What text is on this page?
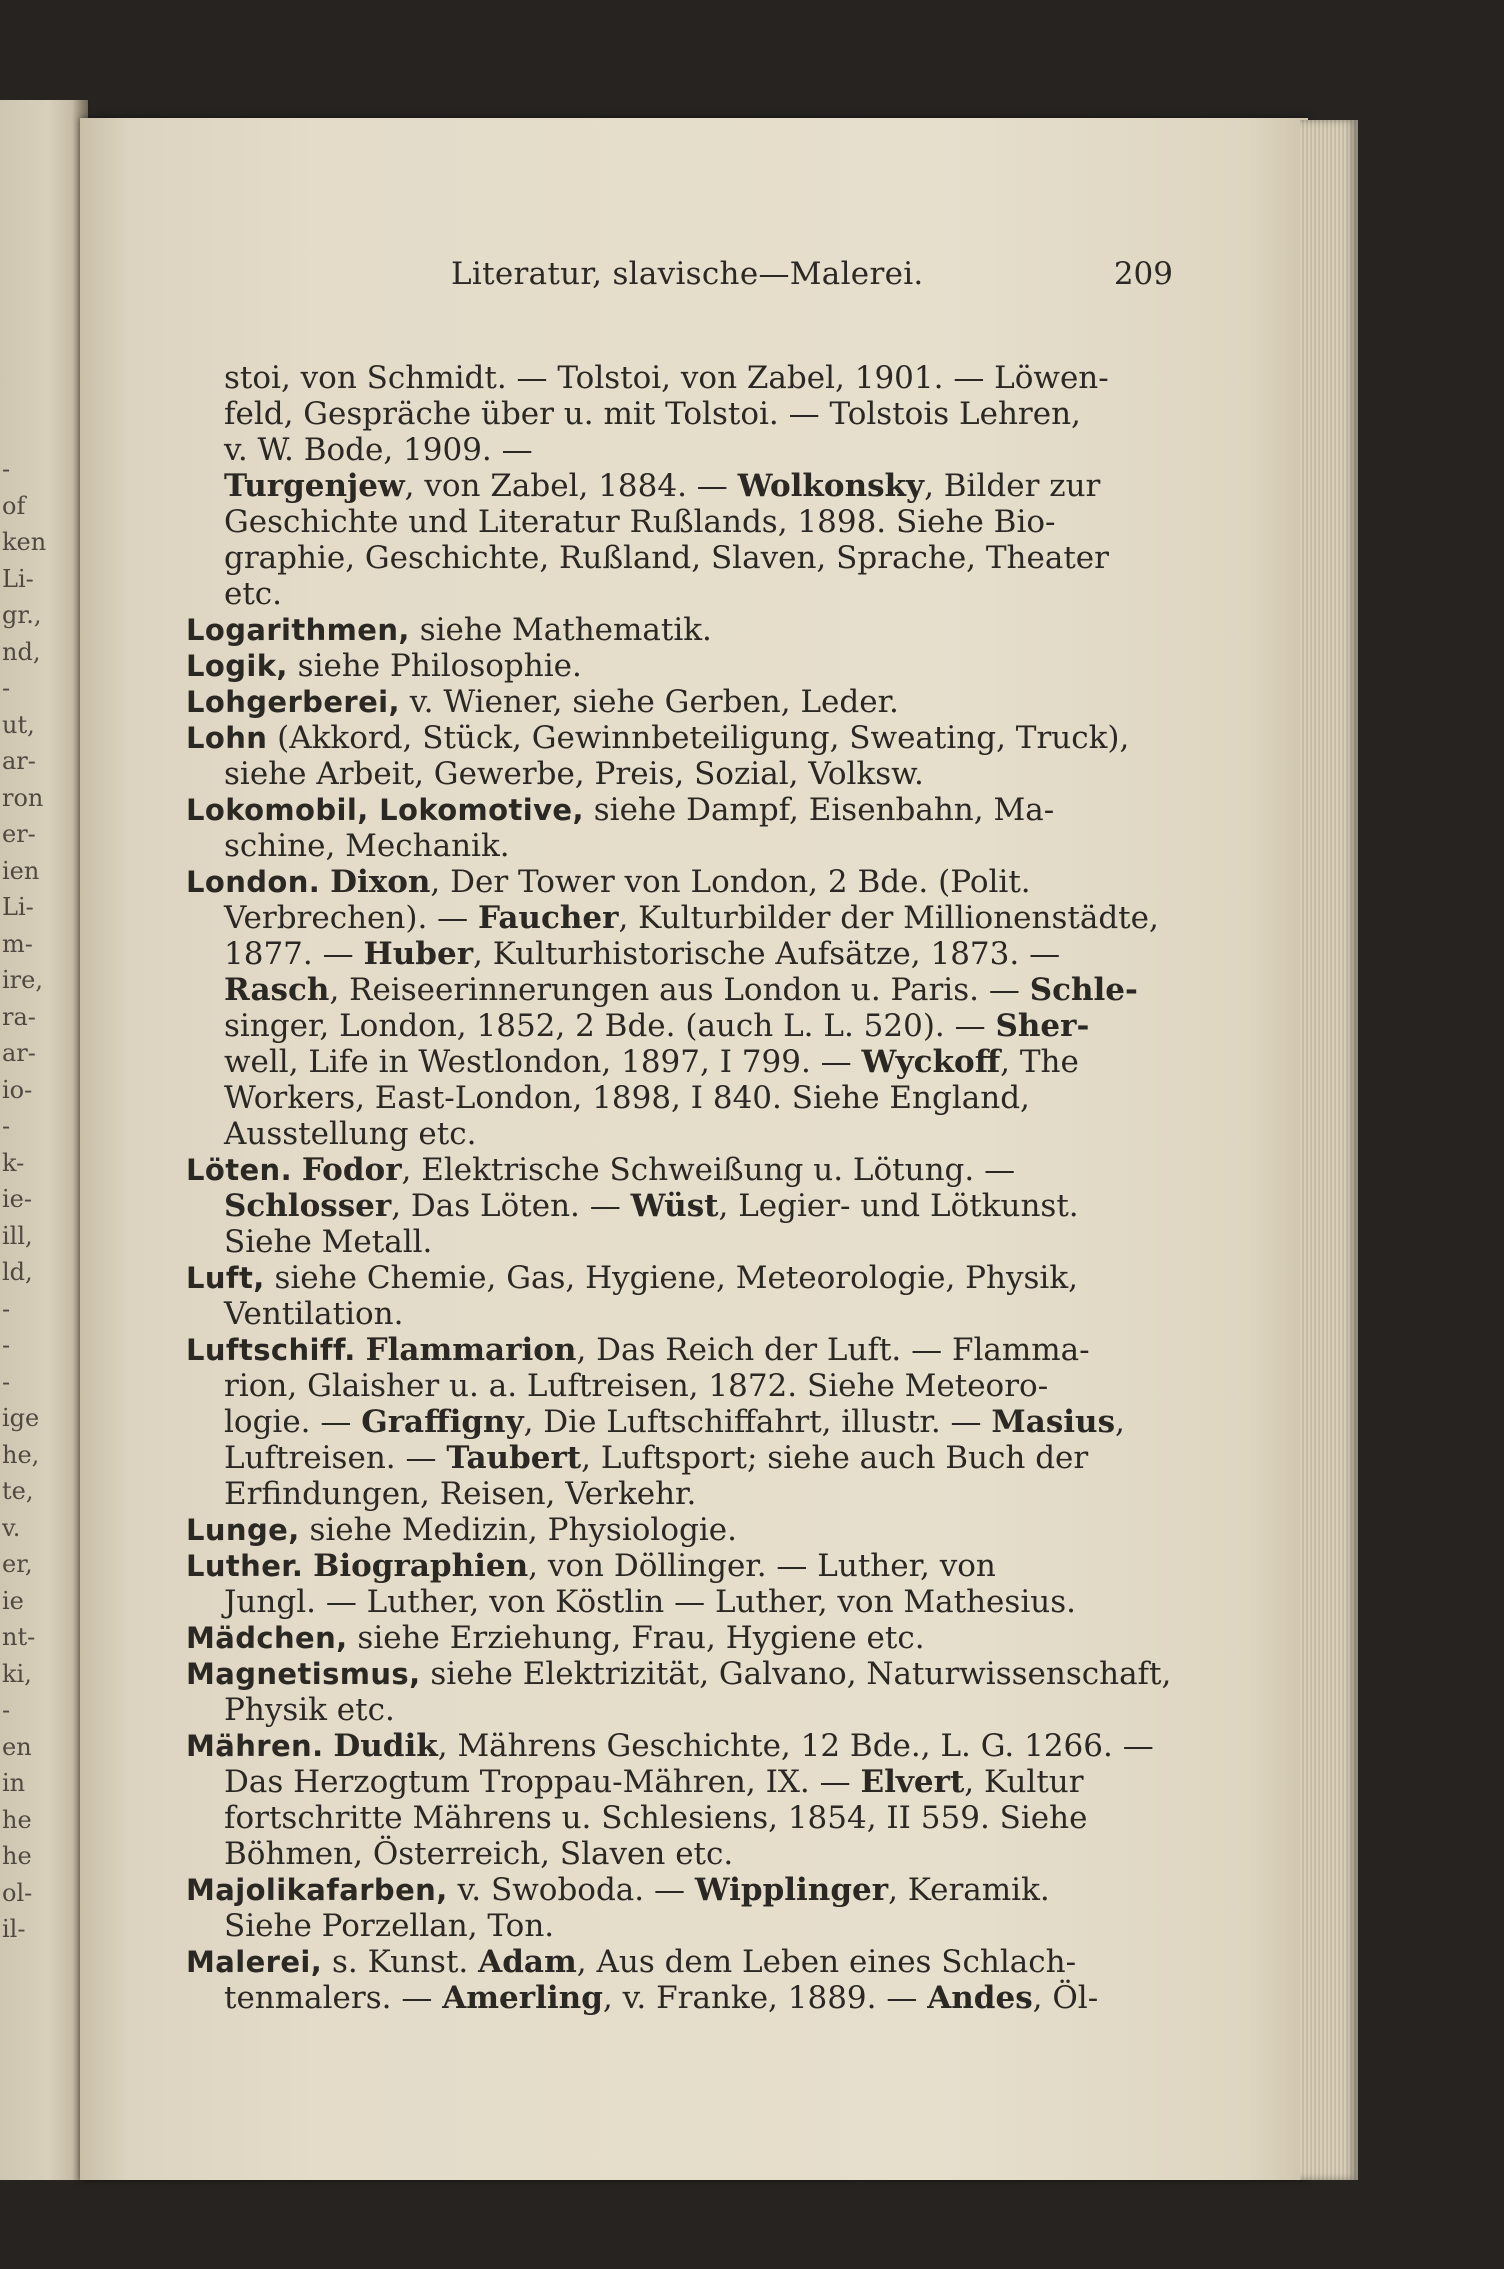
-
of
ken
Li-
gr.,
nd,
-
ut,
ar-
ron
er-
ien
Li-
m-
ire,
ra-
ar-
io-
-
k-
ie-
ill,
ld,
-
-
-
ige
he,
te,
v.
er,
ie
nt-
ki,
-
en
in
he
he
ol-
il-
Literatur, slavische—Malerei.	209
stoi, von Schmidt. — Tolstoi, von Zabel, 1901. — Löwen-
feld, Gespräche über u. mit Tolstoi. — Tolstois Lehren,
v. W. Bode, 1909. —
Turgenjew, von Zabel, 1884. — Wolkonsky, Bilder zur
Geschichte und Literatur Rußlands, 1898. Siehe Bio-
graphie, Geschichte, Rußland, Slaven, Sprache, Theater
etc.
Logarithmen, siehe Mathematik.
Logik, siehe Philosophie.
Lohgerberei, v. Wiener, siehe Gerben, Leder.
Lohn (Akkord, Stück, Gewinnbeteiligung, Sweating, Truck),
siehe Arbeit, Gewerbe, Preis, Sozial, Volksw.
Lokomobil, Lokomotive, siehe Dampf, Eisenbahn, Ma-
schine, Mechanik.
London. Dixon, Der Tower von London, 2 Bde. (Polit.
Verbrechen). — Faucher, Kulturbilder der Millionenstädte,
1877. — Huber, Kulturhistorische Aufsätze, 1873. —
Rasch, Reiseerinnerungen aus London u. Paris. — Schle-
singer, London, 1852, 2 Bde. (auch L. L. 520). — Sher-
well, Life in Westlondon, 1897, I 799. — Wyckoff, The
Workers, East-London, 1898, I 840. Siehe England,
Ausstellung etc.
Löten. Fodor, Elektrische Schweißung u. Lötung. —
Schlosser, Das Löten. — Wüst, Legier- und Lötkunst.
Siehe Metall.
Luft, siehe Chemie, Gas, Hygiene, Meteorologie, Physik,
Ventilation.
Luftschiff. Flammarion, Das Reich der Luft. — Flamma-
rion, Glaisher u. a. Luftreisen, 1872. Siehe Meteoro-
logie. — Graffigny, Die Luftschiffahrt, illustr. — Masius,
Luftreisen. — Taubert, Luftsport; siehe auch Buch der
Erfindungen, Reisen, Verkehr.
Lunge, siehe Medizin, Physiologie.
Luther. Biographien, von Döllinger. — Luther, von
Jungl. — Luther, von Köstlin — Luther, von Mathesius.
Mädchen, siehe Erziehung, Frau, Hygiene etc.
Magnetismus, siehe Elektrizität, Galvano, Naturwissenschaft,
Physik etc.
Mähren. Dudik, Mährens Geschichte, 12 Bde., L. G. 1266. —
Das Herzogtum Troppau-Mähren, IX. — Elvert, Kultur
fortschritte Mährens u. Schlesiens, 1854, II 559. Siehe
Böhmen, Österreich, Slaven etc.
Majolikafarben, v. Swoboda. — Wipplinger, Keramik.
Siehe Porzellan, Ton.
Malerei, s. Kunst. Adam, Aus dem Leben eines Schlach-
tenmalers. — Amerling, v. Franke, 1889. — Andes, Öl-
